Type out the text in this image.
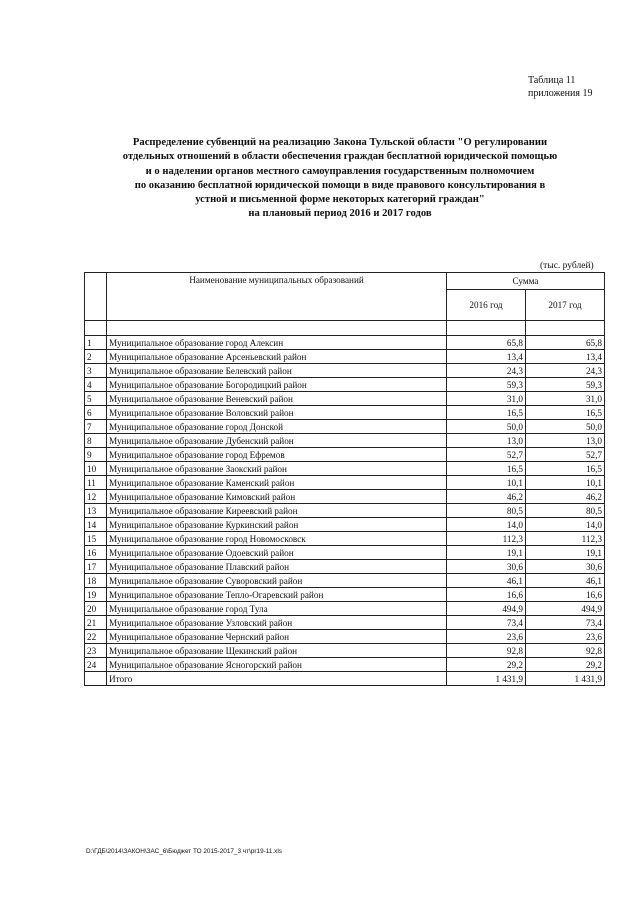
Таблица 11
приложения 19
Распределение субвенций на реализацию Закона Тульской области "О регулировании
отдельных отношений в области обеспечения граждан бесплатной юридической помощью
и о наделении органов местного самоуправления государственным полномочием
по оказанию бесплатной юридической помощи в виде правового консультирования в
устной и письменной форме некоторых категорий граждан"
на плановый период 2016 и 2017 годов
(тыс. рублей)
	Наименование муниципальных образований	Сумма	
		2016 год	2017 год

1	Муниципальное образование город Алексин	65,8	65,8
2	Муниципальное образование Арсеньевский район	13,4	13,4
3	Муниципальное образование Белевский район	24,3	24,3
4	Муниципальное образование Богородицкий район	59,3	59,3
5	Муниципальное образование Веневский район	31,0	31,0
6	Муниципальное образование Воловский район	16,5	16,5
7	Муниципальное образование город Донской	50,0	50,0
8	Муниципальное образование Дубенский район	13,0	13,0
9	Муниципальное образование город Ефремов	52,7	52,7
10	Муниципальное образование Заокский район	16,5	16,5
11	Муниципальное образование Каменский район	10,1	10,1
12	Муниципальное образование Кимовский район	46,2	46,2
13	Муниципальное образование Киреевский район	80,5	80,5
14	Муниципальное образование Куркинский район	14,0	14,0
15	Муниципальное образование город Новомосковск	112,3	112,3
16	Муниципальное образование Одоевский район	19,1	19,1
17	Муниципальное образование Плавский район	30,6	30,6
18	Муниципальное образование Суворовский район	46,1	46,1
19	Муниципальное образование Тепло-Огаревский район	16,6	16,6
20	Муниципальное образование город Тула	494,9	494,9
21	Муниципальное образование Узловский район	73,4	73,4
22	Муниципальное образование Чернский район	23,6	23,6
23	Муниципальное образование Щекинский район	92,8	92,8
24	Муниципальное образование Ясногорский район	29,2	29,2
	Итого	1 431,9	1 431,9
D:\ГДБ\2014\ЗАКОН\ЗАС_6\Бюджет ТО 2015-2017_3 чт\pr19-11.xls
